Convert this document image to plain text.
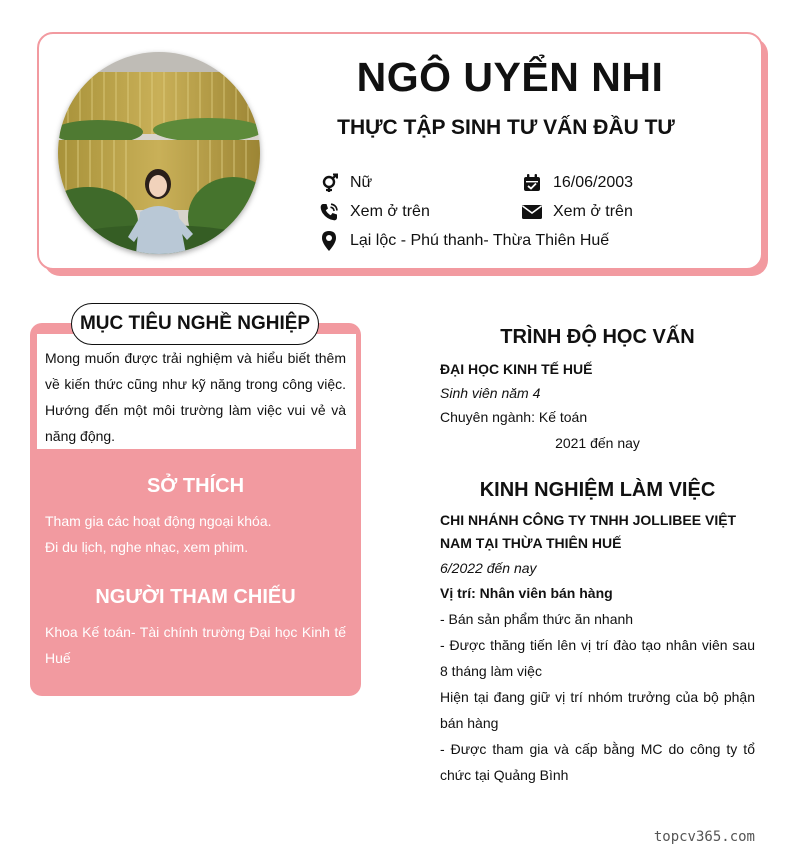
NGÔ UYỂN NHI
THỰC TẬP SINH TƯ VẤN ĐẦU TƯ
Nữ	16/06/2003
Xem ở trên	Xem ở trên
Lại lộc - Phú thanh- Thừa Thiên Huế
Mong muốn được trải nghiệm và hiểu biết thêm về kiến thức cũng như kỹ năng trong công việc. Hướng đến một môi trường làm việc vui vẻ và năng động.
MỤC TIÊU NGHỀ NGHIỆP
SỞ THÍCH
Tham gia các hoạt động ngoại khóa.
Đi du lịch, nghe nhạc, xem phim.
NGƯỜI THAM CHIẾU
Khoa Kế toán- Tài chính trường Đại học Kinh tế Huế
TRÌNH ĐỘ HỌC VẤN
ĐẠI HỌC KINH TẾ HUẾ
Sinh viên năm 4
Chuyên ngành: Kế toán
2021 đến nay
KINH NGHIỆM LÀM VIỆC
CHI NHÁNH CÔNG TY TNHH JOLLIBEE VIỆT NAM TẠI THỪA THIÊN HUẾ
6/2022 đến nay
Vị trí: Nhân viên bán hàng
- Bán sản phẩm thức ăn nhanh
- Được thăng tiến lên vị trí đào tạo nhân viên sau 8 tháng làm việc
Hiện tại đang giữ vị trí nhóm trưởng của bộ phận bán hàng
- Được tham gia và cấp bằng MC do công ty tổ chức tại Quảng Bình
topcv365.com
